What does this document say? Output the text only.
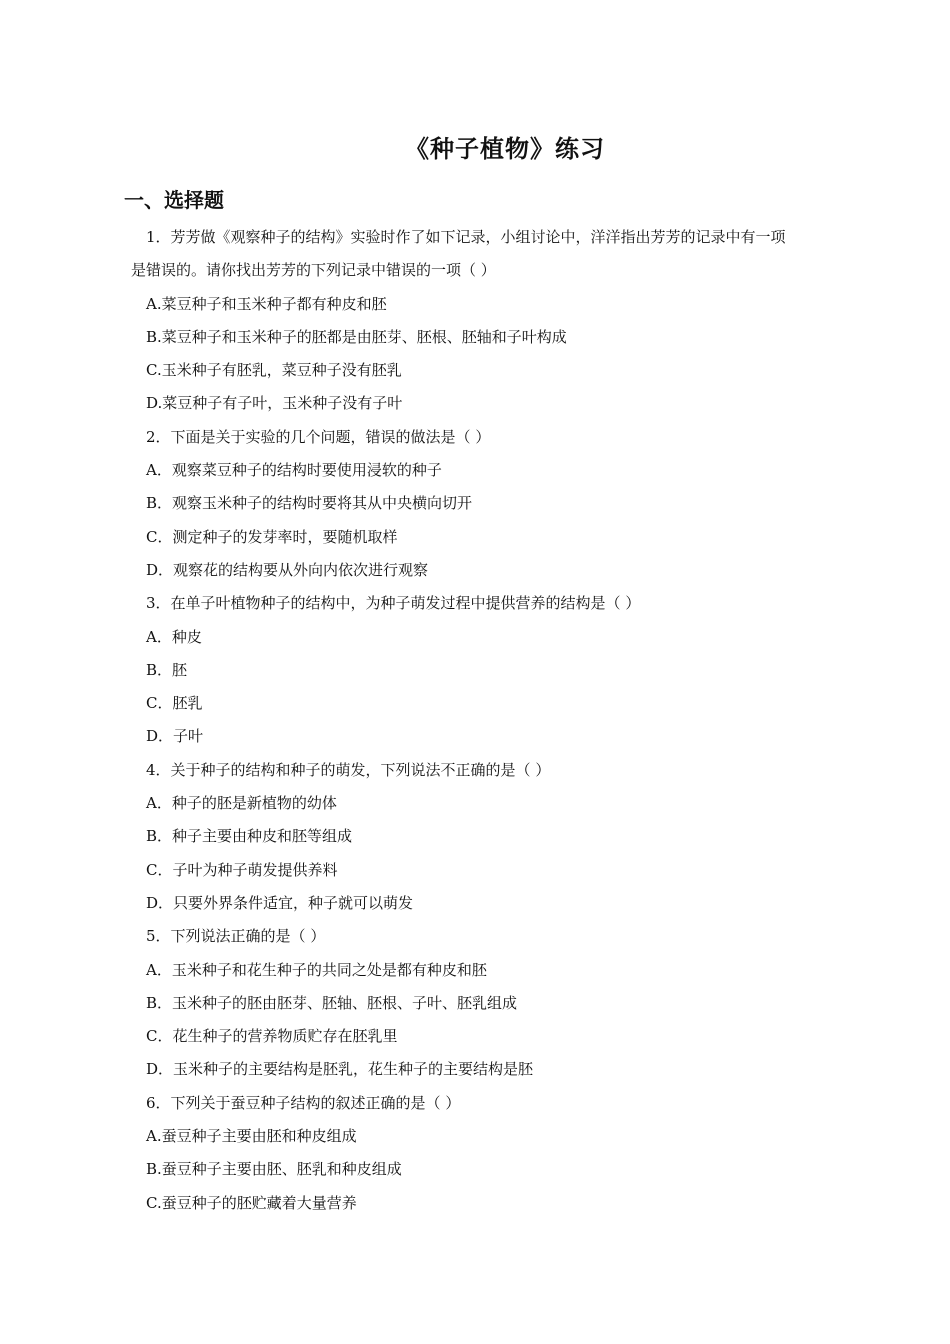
《种子植物》练习
一、选择题
1．芳芳做《观察种子的结构》实验时作了如下记录，小组讨论中，洋洋指出芳芳的记录中有一项
是错误的。请你找出芳芳的下列记录中错误的一项（ ）
A.菜豆种子和玉米种子都有种皮和胚
B.菜豆种子和玉米种子的胚都是由胚芽、胚根、胚轴和子叶构成
C.玉米种子有胚乳，菜豆种子没有胚乳
D.菜豆种子有子叶，玉米种子没有子叶
2．下面是关于实验的几个问题，错误的做法是（ ）
A．观察菜豆种子的结构时要使用浸软的种子
B．观察玉米种子的结构时要将其从中央横向切开
C．测定种子的发芽率时，要随机取样
D．观察花的结构要从外向内依次进行观察
3．在单子叶植物种子的结构中，为种子萌发过程中提供营养的结构是（ ）
A．种皮
B．胚
C．胚乳
D．子叶
4．关于种子的结构和种子的萌发，下列说法不正确的是（ ）
A．种子的胚是新植物的幼体
B．种子主要由种皮和胚等组成
C．子叶为种子萌发提供养料
D．只要外界条件适宜，种子就可以萌发
5．下列说法正确的是（ ）
A．玉米种子和花生种子的共同之处是都有种皮和胚
B．玉米种子的胚由胚芽、胚轴、胚根、子叶、胚乳组成
C．花生种子的营养物质贮存在胚乳里
D．玉米种子的主要结构是胚乳，花生种子的主要结构是胚
6．下列关于蚕豆种子结构的叙述正确的是（ ）
A.蚕豆种子主要由胚和种皮组成
B.蚕豆种子主要由胚、胚乳和种皮组成
C.蚕豆种子的胚贮藏着大量营养
